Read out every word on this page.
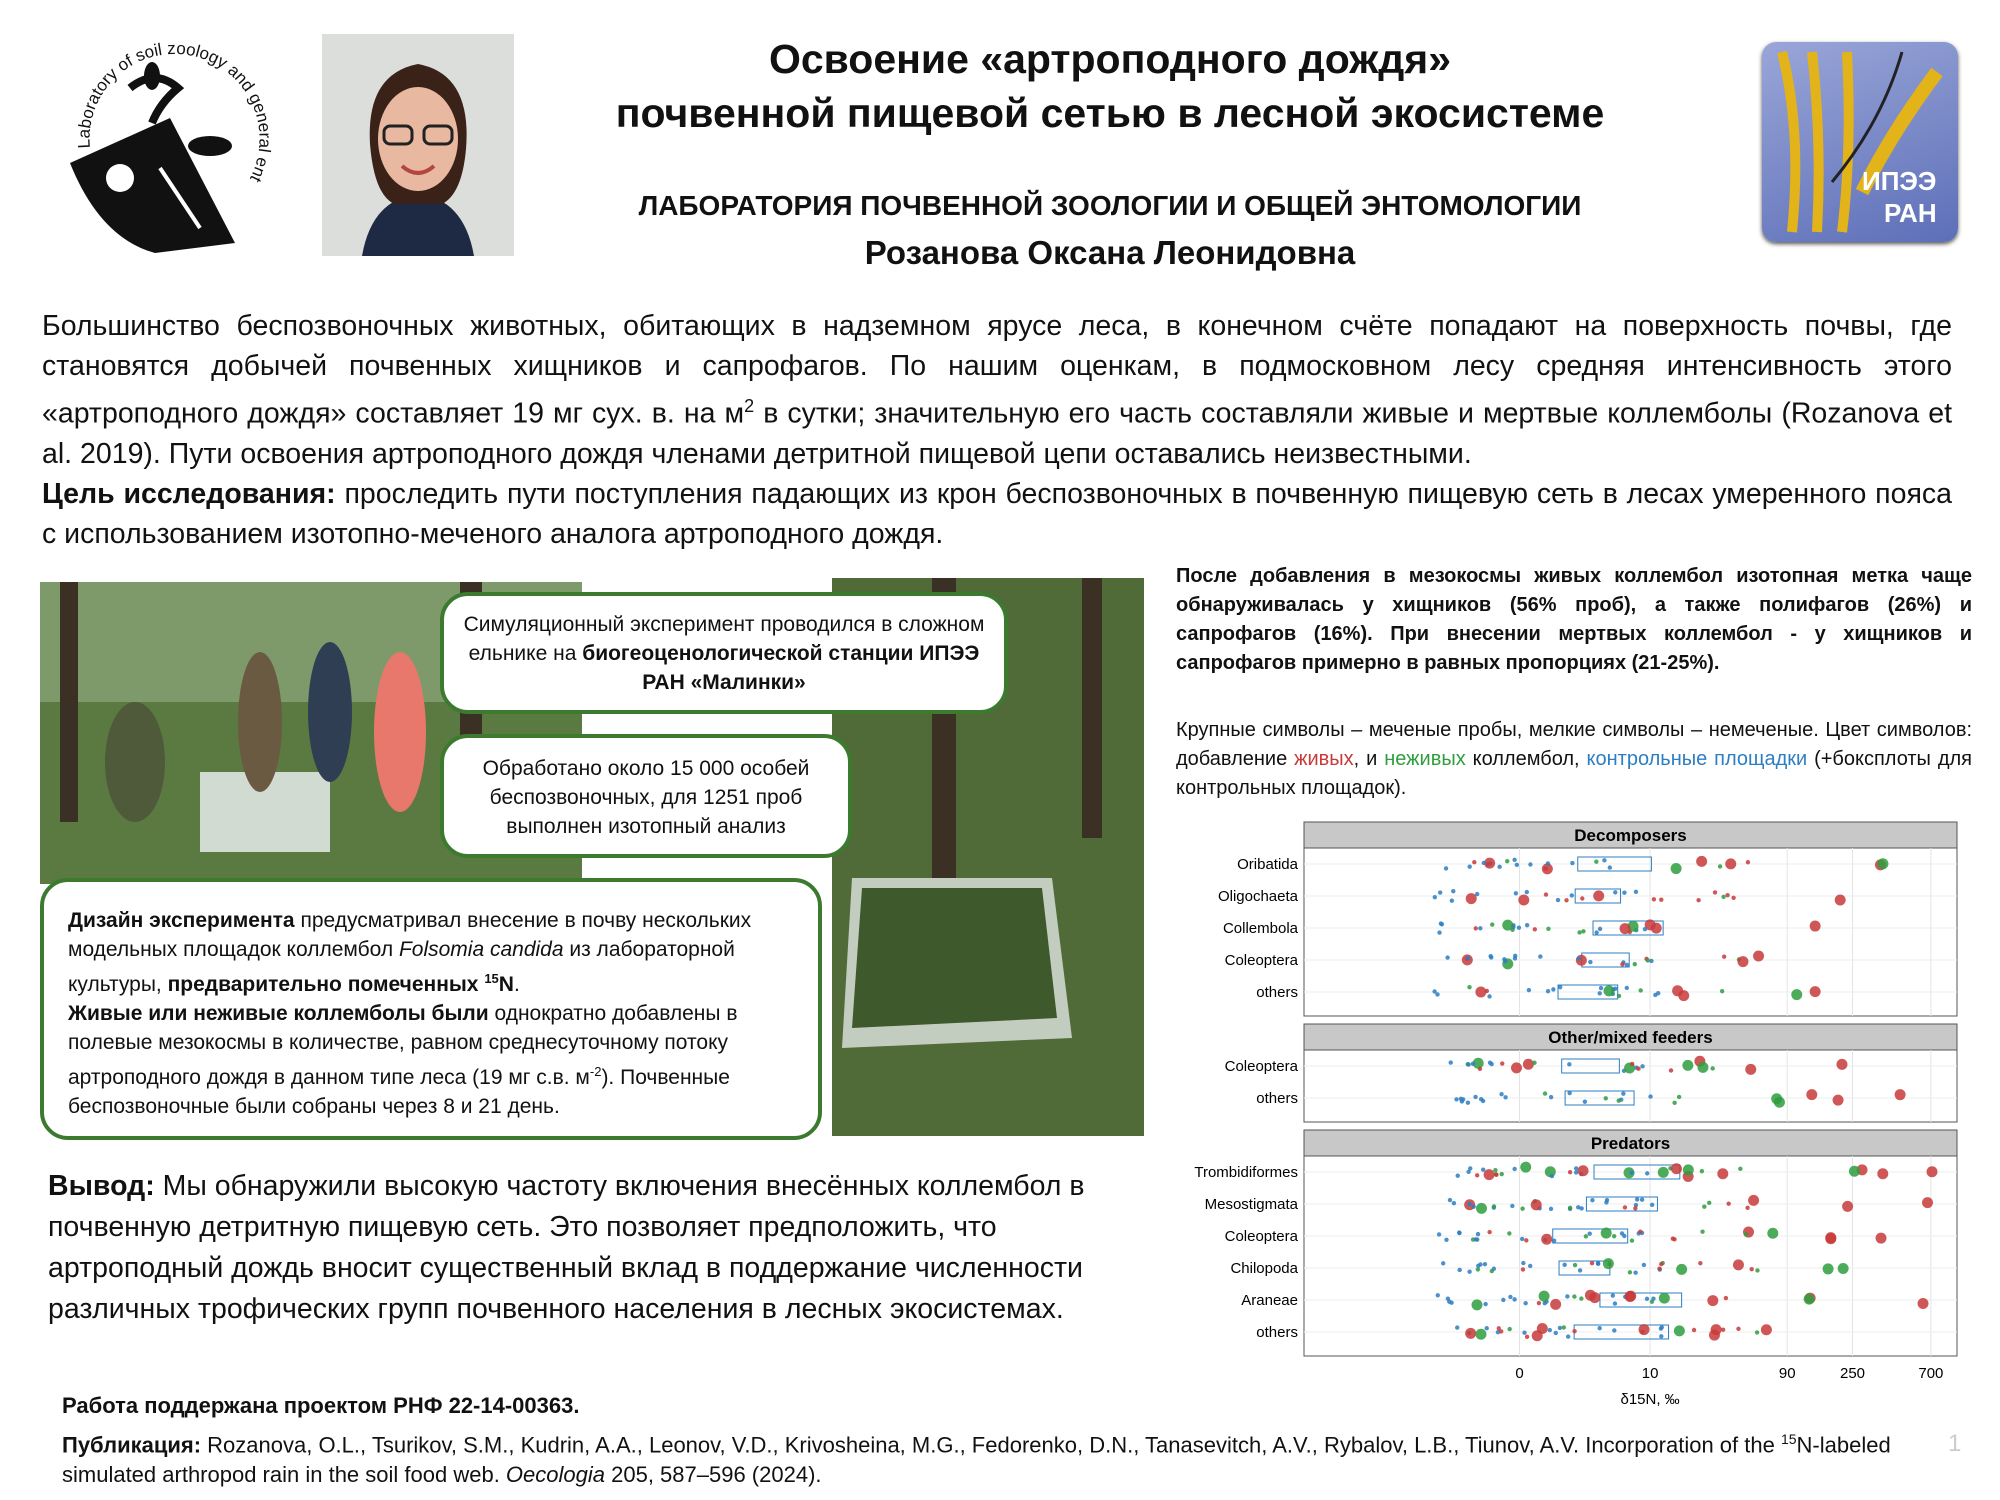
Laboratory of soil zoology and general ent
Освоение «артроподного дождя»
почвенной пищевой сетью в лесной экосистеме
ЛАБОРАТОРИЯ ПОЧВЕННОЙ ЗООЛОГИИ И ОБЩЕЙ ЭНТОМОЛОГИИ
Розанова Оксана Леонидовна
ИПЭЭ
РАН

Большинство беспозвоночных животных, обитающих в надземном ярусе леса, в конечном счёте попадают на поверхность почвы, где становятся добычей почвенных хищников и сапрофагов. По нашим оценкам, в подмосковном лесу средняя интенсивность этого «артроподного дождя» составляет 19 мг сух. в. на $м^2$ в сутки; значительную его часть составляли живые и мертвые коллемболы (Rozanova et al. 2019). Пути освоения артроподного дождя членами детритной пищевой цепи оставались неизвестными.

Цель исследования: проследить пути поступления падающих из крон беспозвоночных в почвенную пищевую сеть в лесах умеренного пояса с использованием изотопно-меченого аналога артроподного дождя.

Симуляционный эксперимент проводился в сложном ельнике на биогеоценологической станции ИПЭЭ РАН «Малинки»
Обработано около 15 000 особей беспозвоночных, для 1251 проб выполнен изотопный анализ
Дизайн эксперимента предусматривал внесение в почву нескольких модельных площадок коллембол Folsomia candida из лабораторной культуры, предварительно помеченных $^{15}$N.
Живые или неживые коллемболы были однократно добавлены в полевые мезокосмы в количестве, равном среднесуточному потоку артроподного дождя в данном типе леса (19 мг с.в. $м^{-2}$). Почвенные беспозвоночные были собраны через 8 и 21 день.
Вывод: Мы обнаружили высокую частоту включения внесённых коллембол в почвенную детритную пищевую сеть. Это позволяет предположить, что артроподный дождь вносит существенный вклад в поддержание численности различных трофических групп почвенного населения в лесных экосистемах.
После добавления в мезокосмы живых коллембол изотопная метка чаще обнаруживалась у хищников (56% проб), а также полифагов (26%) и сапрофагов (16%). При внесении мертвых коллембол - у хищников и сапрофагов примерно в равных пропорциях (21-25%).
Крупные символы – меченые пробы, мелкие символы – немеченые. Цвет символов: добавление живых, и неживых коллембол, контрольные площадки (+боксплоты для контрольных площадок).
Decomposers
Oribatida
Oligochaeta
Collembola
Coleoptera
others
Other/mixed feeders
Coleoptera
others
Predators
Trombidiformes
Mesostigmata
Coleoptera
Chilopoda
Araneae
others
0	10	90	250	700
δ15N, ‰
Работа поддержана проектом РНФ 22-14-00363.
Публикация: Rozanova, O.L., Tsurikov, S.M., Kudrin, A.A., Leonov, V.D., Krivosheina, M.G., Fedorenko, D.N., Tanasevitch, A.V., Rybalov, L.B., Tiunov, A.V. Incorporation of the $^{15}$N-labeled simulated arthropod rain in the soil food web. Oecologia 205, 587–596 (2024).
1
